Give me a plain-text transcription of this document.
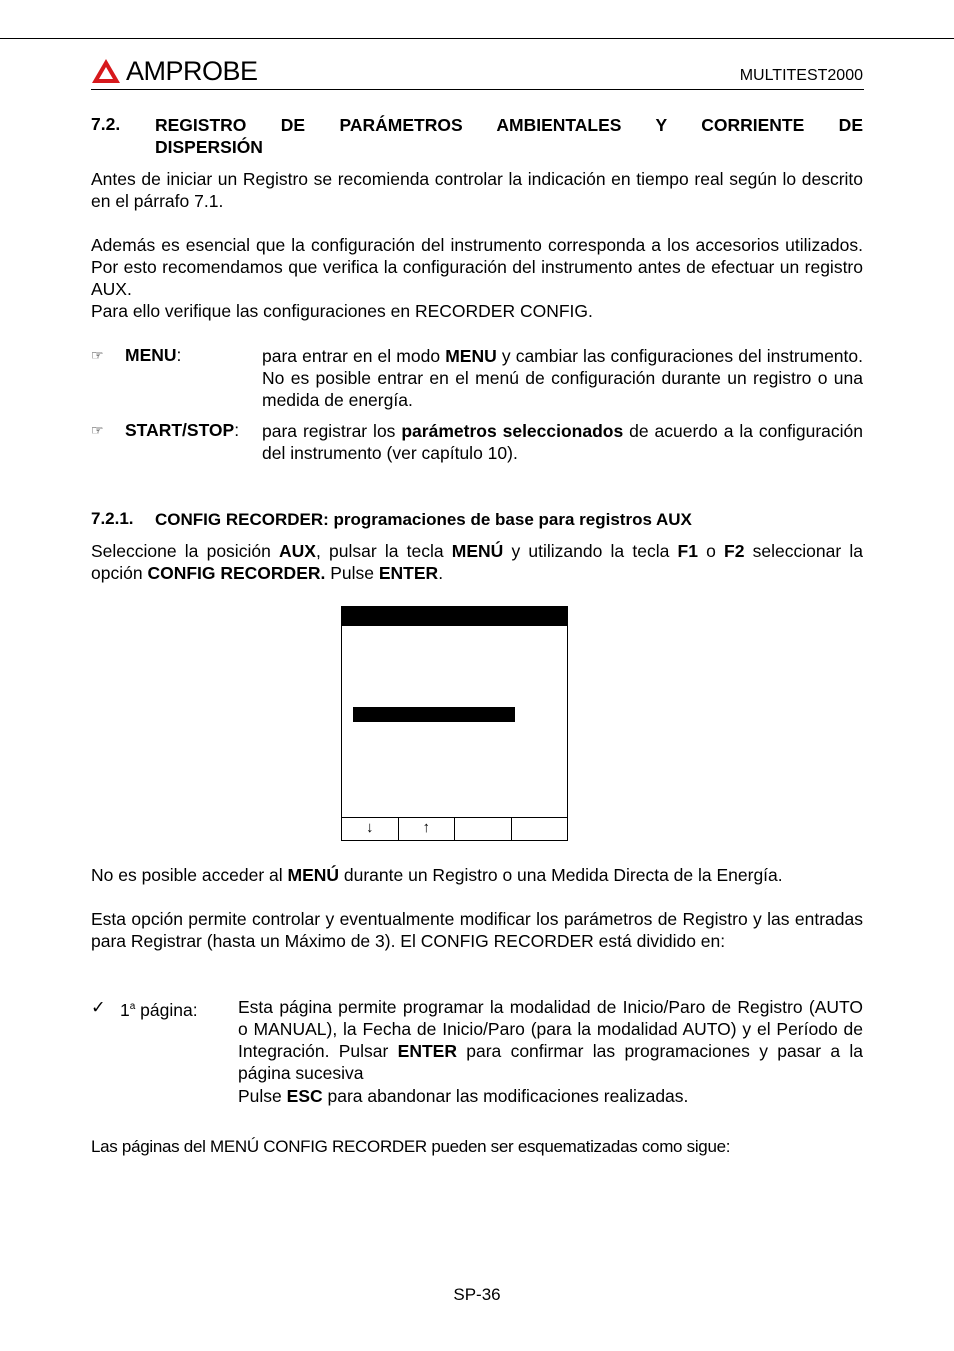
AMPROBE	MULTITEST2000
7.2. REGISTRO DE PARÁMETROS AMBIENTALES Y CORRIENTE DE
DISPERSIÓN
Antes de iniciar un Registro se recomienda controlar la indicación en tiempo real según lo descrito en el párrafo 7.1.
Además es esencial que la configuración del instrumento corresponda a los accesorios utilizados. Por esto recomendamos que verifica la configuración del instrumento antes de efectuar un registro AUX.
Para ello verifique las configuraciones en RECORDER CONFIG.
☞ MENU:	para entrar en el modo MENU y cambiar las configuraciones del instrumento. No es posible entrar en el menú de configuración durante un registro o una medida de energía.
☞ START/STOP: para registrar los parámetros seleccionados de acuerdo a la configuración del instrumento (ver capítulo 10).
7.2.1. CONFIG RECORDER: programaciones de base para registros AUX
Seleccione la posición AUX, pulsar la tecla MENÚ y utilizando la tecla F1 o F2 seleccionar la opción CONFIG RECORDER. Pulse ENTER.
↓	↑
No es posible acceder al MENÚ durante un Registro o una Medida Directa de la Energía.
Esta opción permite controlar y eventualmente modificar los parámetros de Registro y las entradas para Registrar (hasta un Máximo de 3). El CONFIG RECORDER está dividido en:
✓ 1$^a$ página: Esta página permite programar la modalidad de Inicio/Paro de Registro (AUTO o MANUAL), la Fecha de Inicio/Paro (para la modalidad AUTO) y el Período de Integración. Pulsar ENTER para confirmar las programaciones y pasar a la página sucesiva
Pulse ESC para abandonar las modificaciones realizadas.
Las páginas del MENÚ CONFIG RECORDER pueden ser esquematizadas como sigue:
SP-36
